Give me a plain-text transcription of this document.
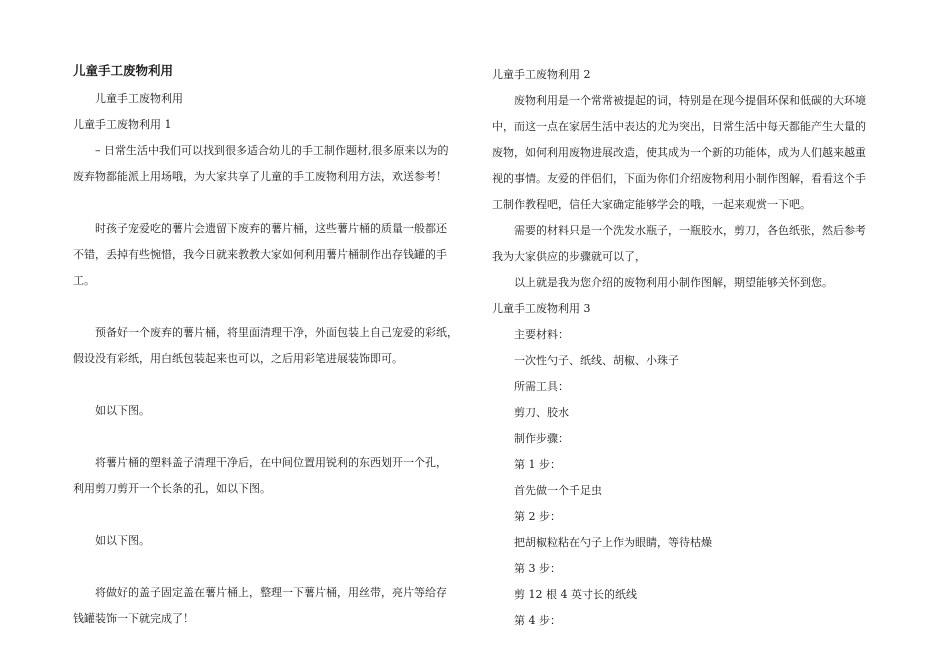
儿童手工废物利用

儿童手工废物利用

儿童手工废物利用 1

– 日常生活中我们可以找到很多适合幼儿的手工制作题材,很多原来以为的

废弃物都能派上用场哦，为大家共享了儿童的手工废物利用方法，欢送参考！

时孩子宠爱吃的薯片会遗留下废弃的薯片桶，这些薯片桶的质量一般都还

不错，丢掉有些惋惜，我今日就来教教大家如何利用薯片桶制作出存钱罐的手

工。

预备好一个废弃的薯片桶，将里面清理干净，外面包装上自己宠爱的彩纸，

假设没有彩纸，用白纸包装起来也可以，之后用彩笔进展装饰即可。

如以下图。

将薯片桶的塑料盖子清理干净后，在中间位置用锐利的东西划开一个孔，

利用剪刀剪开一个长条的孔，如以下图。

如以下图。

将做好的盖子固定盖在薯片桶上，整理一下薯片桶，用丝带，亮片等给存

钱罐装饰一下就完成了！

儿童手工废物利用 2

废物利用是一个常常被提起的词，特别是在现今提倡环保和低碳的大环境

中，而这一点在家居生活中表达的尤为突出，日常生活中每天都能产生大量的

废物，如何利用废物进展改造，使其成为一个新的功能体，成为人们越来越重

视的事情。友爱的伴侣们，下面为你们介绍废物利用小制作图解，看看这个手

工制作教程吧，信任大家确定能够学会的哦，一起来观赏一下吧。

需要的材料只是一个洗发水瓶子，一瓶胶水，剪刀，各色纸张，然后参考

我为大家供应的步骤就可以了，

以上就是我为您介绍的废物利用小制作图解，期望能够关怀到您。

儿童手工废物利用 3

主要材料：

一次性勺子、纸线、胡椒、小珠子

所需工具：

剪刀、胶水

制作步骤：

第 1 步：

首先做一个千足虫

第 2 步：

把胡椒粒粘在勺子上作为眼睛，等待枯燥

第 3 步：

剪 12 根 4 英寸长的纸线

第 4 步：
